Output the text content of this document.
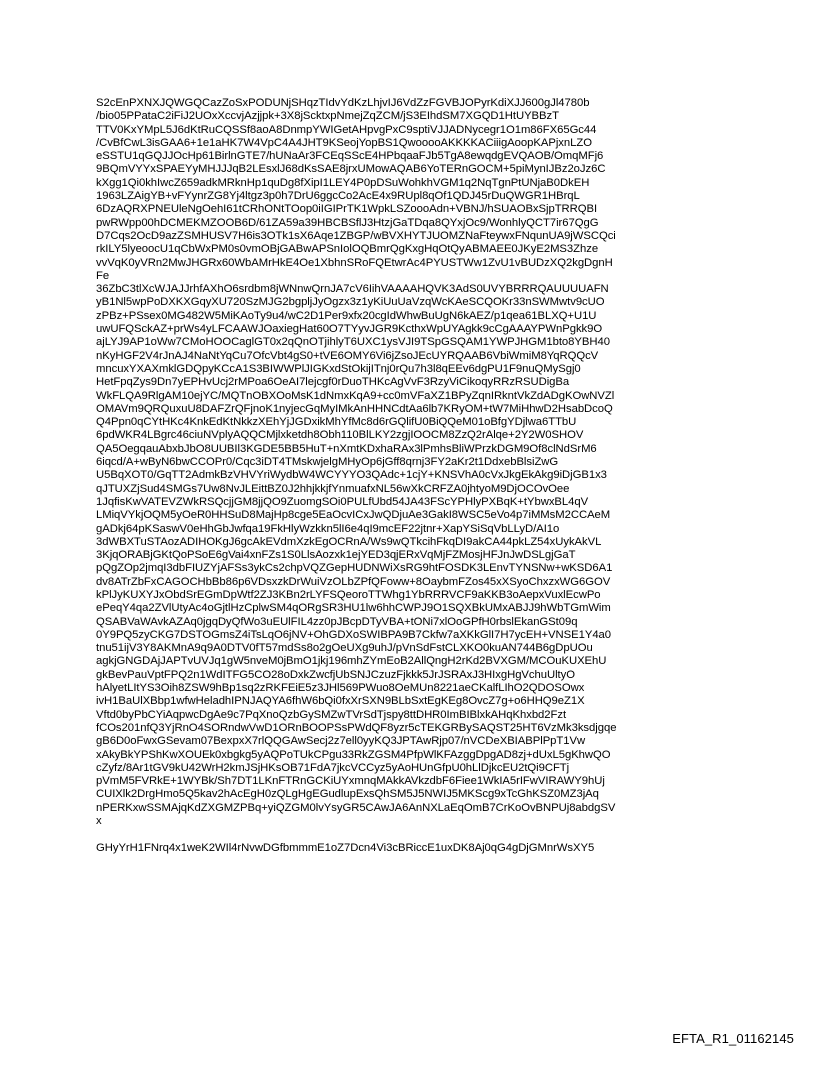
S2cEnPXNXJQWGQCazZoSxPODUNjSHqzTIdvYdKzLhjvIJ6VdZzFGVBJOPyrKdiXJJ600gJl4780b
/bio05PPataC2iFiJ2UOxXccvjAzjjpk+3X8jScktxpNmejZqZCM/jS3EIhdSM7XGQD1HtUYBBzT
TTV0KxYMpL5J6dKtRuCQSSf8aoA8DnmpYWIGetAHpvgPxC9sptiVJJADNycegr1O1m86FX65Gc44
/CvBfCwL3isGAA6+1e1aHK7W4VpC4A4JHT9KSeojYopBS1QwooooAKKKKACiiigAoopKAPjxnLZO
eSSTU1qGQJJOcHp61BirlnGTE7/hUNaAr3FCEqSScE4HPbqaaFJb5TgA8ewqdgEVQAOB/OmqMFj6
9BQmVYYxSPAEYyMHJJJqB2LEsxlJ68dKsSAE8jrxUMowAQAB6YoTERnGOCM+5piMynIJBz2oJz6C
kXgg1Qi0khIwcZ659adkMRknHp1quDg8fXipI1LEY4P0pDSuWohkhVGM1q2NqTgnPtUNjaB0DkEH
1963LZAigYB+vFYynrZG8Yj4ltgz3p0h7DrU6ggcCo2AcE4x9RUpl8qOf1QDJ45rDuQWGR1HBrqL
6DzAQRXPNEUleNgOehI61tCRhONtTOop0iIGIPrTK1WpkLSZoooAdn+VBNJ/hSUAOBxSjpTRRQBI
pwRWpp00hDCMEKMZOOB6D/61ZA59a39HBCBSflJ3HtzjGaTDqa8QYxjOc9/WonhlyQCT7ir67QgG
D7Cqs2OcD9azZSMHUSV7H6is3OTk1sX6Aqe1ZBGP/wBVXHYTJUOMZNaFteywxFNqunUA9jWSCQci
rkILY5lyeoocU1qCbWxPM0s0vmOBjGABwAPSnIolOQBmrQgKxgHqOtQyABMAEE0JKyE2MS3Zhze
vvVqK0yVRn2MwJHGRx60WbAMrHkE4Oe1XbhnSRoFQEtwrAc4PYUSTWw1ZvU1vBUDzXQ2kgDgnH
Fe
36ZbC3tlXcWJAJJrhfAXhO6srdbm8jWNnwQrnJA7cV6IihVAAAAHQVK3AdS0UVYBRRRQAUUUUAFN
yB1Nl5wpPoDXKXGqyXU720SzMJG2bgpljJyOgzx3z1yKiUuUaVzqWcKAeSCQOKr33nSWMwtv9cUO
zPBz+PSsex0MG482W5MiKAoTy9u4/wC2D1Per9xfx20cgIdWhwBuUgN6kAEZ/p1qea61BLXQ+U1U
uwUFQSckAZ+prWs4yLFCAAWJOaxiegHat60O7TYyvJGR9KcthxWpUYAgkk9cCgAAAYPWnPgkk9O
ajLYJ9AP1oWw7CMoHOOCaglGT0x2qQnOTjihlyT6UXC1ysVJI9TSpGSQAM1YWPJHGM1bto8YBH40
nKyHGF2V4rJnAJ4NaNtYqCu7OfcVbt4gS0+tVE6OMY6Vi6jZsoJEcUYRQAAB6VbiWmiM8YqRQQcV
mncuxYXAXmklGDQpyKCcA1S3BIWWPlJIGKxdStOkijITnj0rQu7h3l8qEEv6dgPU1F9nuQMySgj0
HetFpqZys9Dn7yEPHvUcj2rMPoa6OeAI7lejcgf0rDuoTHKcAgVvF3RzyViCikoqyRRzRSUDigBa
WkFLQA9RlgAM10ejYC/MQTnOBXOoMsK1dNmxKqA9+cc0mVFaXZ1BPyZqnIRkntVkZdADgKOwNVZl
OMAVm9QRQuxuU8DAFZrQFjnoK1nyjecGqMyIMkAnHHNCdtAa6lb7KRyOM+tW7MiHhwD2HsabDcoQ
Q4Ppn0qCYtHKc4KnkEdKtNkkzXEhYjJGDxikMhYfMc8d6rGQlifU0BiQQeM01oBfgYDjlwa6TTbU
6pdWKR4LBgrc46ciuNVplyAQQCMjlxketdh8Obh110BlLKY2zgjIOOCM8ZzQ2rAlqe+2Y2W0SHOV
QA5OegqauAbxbJbO8UUBIl3KGDE5BB5HuT+nXmtKDxhaRAx3lPmhsBliWPrzkDGM9Of8clNdSrM6
6iqcd/A+wByN6bwCCOPr0/Cqc3iDT4TMskwjelgMHyOp6jGff8qrnj3FY2aKr2t1DdxebBlsiZwG
U5BqXOT0/GqTT2AdmkBzVHVYriWydbW4WCYYYO3QAdc+1cjY+KNSVhA0cVxJkgEkAkg9iDjGB1x3
qJTUXZjSud4SMGs7Uw8NvJLEittBZ0J2hhjkkjfYnmuafxNL56wXkCRFZA0jhtyoM9DjOCOvOee
1JqfisKwVATEVZWkRSQcjjGM8jjQO9ZuomgSOi0PULfUbd54JA43FScYPHlyPXBqK+tYbwxBL4qV
LMiqVYkjOQM5yOeR0HHSuD8MajHp8cge5EaOcvICxJwQDjuAe3GakI8WSC5eVo4p7iMMsM2CCAeM
gADkj64pKSaswV0eHhGbJwfqa19FkHlyWzkkn5lI6e4qI9mcEF22jtnr+XapYSiSqVbLLyD/AI1o
3dWBXTuSTAozADIHOKgJ6gcAkEVdmXzkEgOCRnA/Ws9wQTkcihFkqDI9akCA44pkLZ54xUykAkVL
3KjqORABjGKtQoPSoE6gVai4xnFZs1S0LlsAozxk1ejYED3qjERxVqMjFZMosjHFJnJwDSLgjGaT
pQgZOp2jmqI3dbFIUZYjAFSs3ykCs2chpVQZGepHUDNWiXsRG9htFOSDK3LEnvTYNSNw+wKSD6A1
dv8ATrZbFxCAGOCHbBb86p6VDsxzkDrWuiVzOLbZPfQFoww+8OaybmFZos45xXSyoChxzxWG6GOV
kPlJyKUXYJxObdSrEGmDpWtf2ZJ3KBn2rLYFSQeoroTTWhg1YbRRRVCF9aKKB3oAepxVuxlEcwPo
ePeqY4qa2ZVlUtyAc4oGjtlHzCplwSM4qORgSR3HU1lw6hhCWPJ9O1SQXBkUMxABJJ9hWbTGmWim
QSABVaWAvkAZAq0jgqDyQfWo3uEUlFIL4zz0pJBcpDTyVBA+tONi7xlOoGPfH0rbslEkanGSt09q
0Y9PQ5zyCKG7DSTOGmsZ4iTsLqO6jNV+OhGDXoSWIBPA9B7Ckfw7aXKkGlI7H7ycEH+VNSE1Y4a0
tnu51ijV3Y8AKMnA9q9A0DTV0fT57mdSs8o2gOeUXg9uhJ/pVnSdFstCLXKO0kuAN744B6gDpUOu
agkjGNGDAjJAPTvUVJq1gW5nveM0jBmO1jkj196mhZYmEoB2AllQngH2rKd2BVXGM/MCOuKUXEhU
gkBevPauVptFPQ2n1WdITFG5CO28oDxkZwcfjUbSNJCzuzFjkkk5JrJSRAxJ3HIxgHgVchuUltyO
hAlyetLItYS3Oih8ZSW9hBp1sq2zRKFEiE5z3JHl569PWuo8OeMUn8221aeCKalfLIhO2QDOSOwx
ivH1BaUlXBbp1wfwHeladhIPNJAQYA6fhW6bQi0fxXrSXN9BLbSxtEgKEg8OvcZ7g+o6HHQ9eZ1X
Vftd0byPbCYiAqpwcDgAe9c7PqXnoQzbGySMZwTVrSdTjspy8ttDHR0ImBIBlxkAHqKhxbd2Fzt
fCOs201nfQ3YjRnO4SORndwVwD1ORnBOOPSsPWdQF8yzr5cTEKGRBySAQST25HT6VzMk3ksdjgqe
gB6D0oFwxGSevam07BexpxX7rlQQGAwSecj2z7ell0yyKQ3JPTAwRjp07/nVCDeXBIABPlPpT1Vw
xAkyBkYPShKwXOUEk0xbgkg5yAQPoTUkCPgu33RkZGSM4PfpWlKFAzggDpgAD8zj+dUxL5gKhwQO
cZyfz/8Ar1tGV9kU42WrH2kmJSjHKsOB71FdA7jkcVCCyz5yAoHUnGfpU0hLlDjkcEU2tQi9CFTj
pVmM5FVRkE+1WYBk/Sh7DT1LKnFTRnGCKiUYxmnqMAkkAVkzdbF6Fiee1WkIA5rIFwVIRAWY9hUj
CUIXlk2DrgHmo5Q5kav2hAcEgH0zQLgHgEGudlupExsQhSM5J5NWIJ5MKScg9xTcGhKSZ0MZ3jAq
nPERKxwSSMAjqKdZXGMZPBq+yiQZGM0lvYsyGR5CAwJA6AnNXLaEqOmB7CrKoOvBNPUj8abdgSV
x
GHyYrH1FNrq4x1weK2WIl4rNvwDGfbmmmE1oZ7Dcn4Vi3cBRiccE1uxDK8Aj0qG4gDjGMnrWsXY5
EFTA_R1_01162145
